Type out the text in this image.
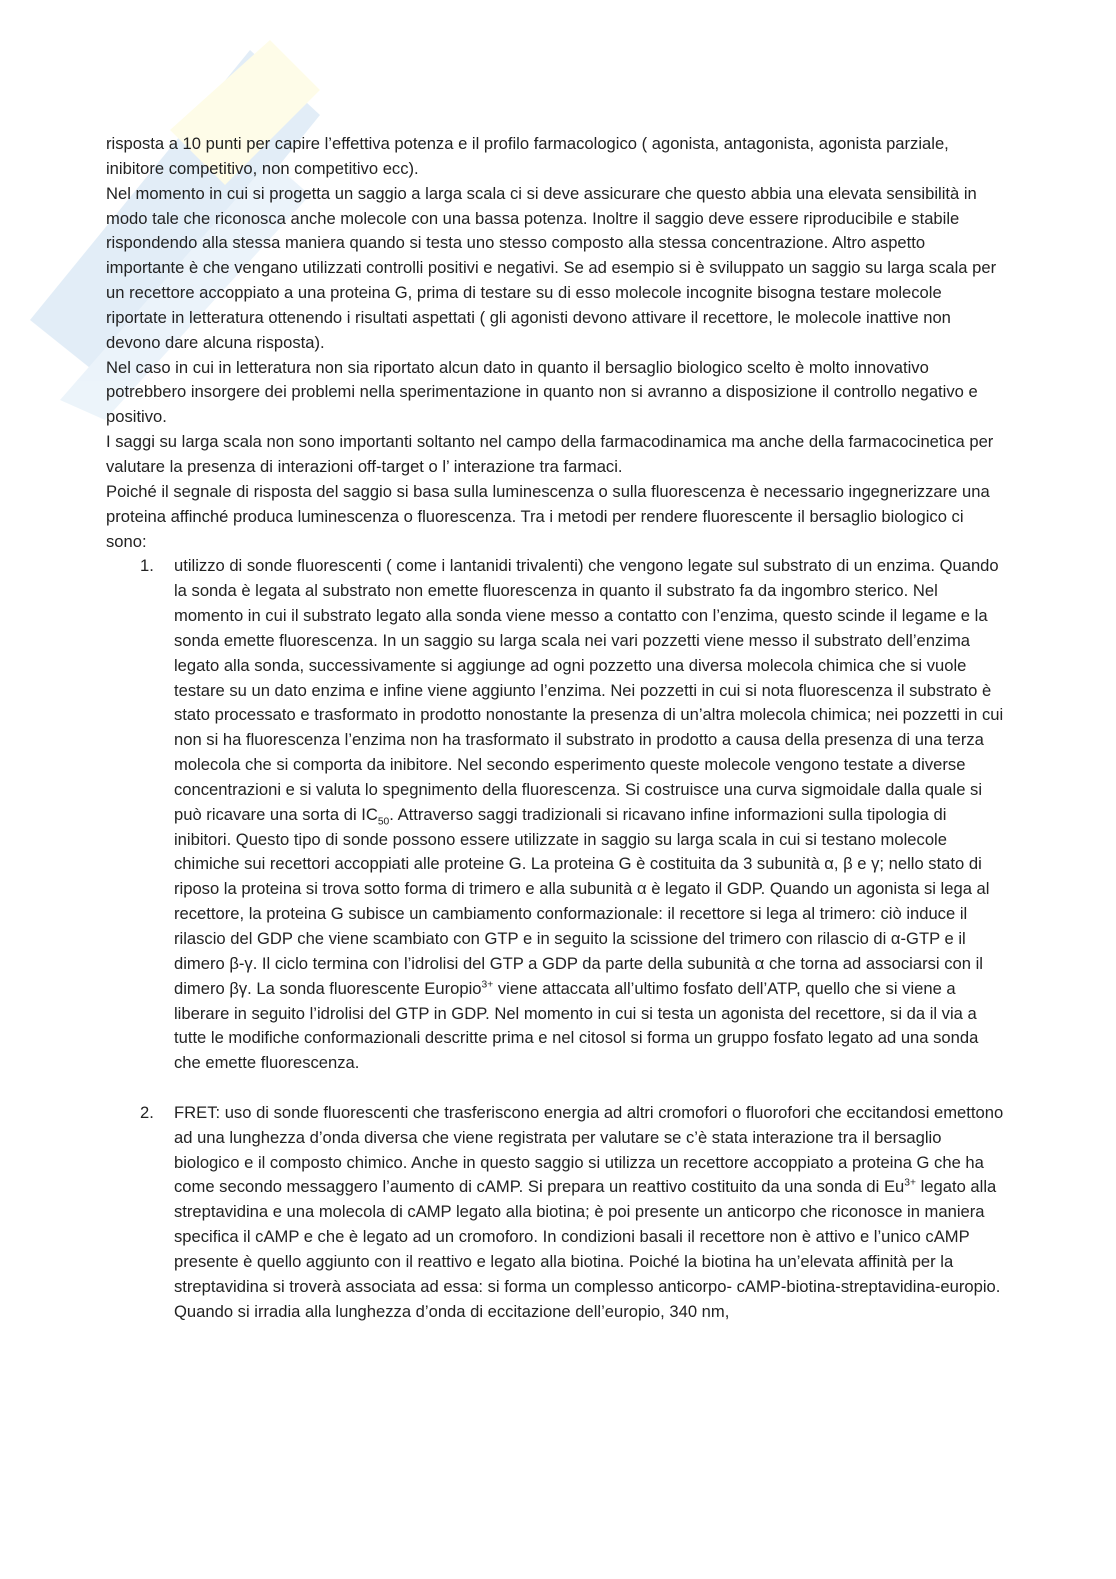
risposta a 10 punti per capire l’effettiva potenza e il profilo farmacologico ( agonista, antagonista, agonista parziale, inibitore competitivo, non competitivo ecc).

Nel momento in cui si progetta un saggio a larga scala ci si deve assicurare che questo abbia una elevata sensibilità in modo tale che riconosca anche molecole con una bassa potenza. Inoltre il saggio deve essere riproducibile e stabile rispondendo alla stessa maniera quando si testa uno stesso composto alla stessa concentrazione. Altro aspetto importante è che vengano utilizzati controlli positivi e negativi. Se ad esempio si è sviluppato un saggio su larga scala per un recettore accoppiato a una proteina G, prima di testare su di esso molecole incognite bisogna testare molecole riportate in letteratura ottenendo i risultati aspettati ( gli agonisti devono attivare il recettore, le molecole inattive non devono dare alcuna risposta).

Nel caso in cui in letteratura non sia riportato alcun dato in quanto il bersaglio biologico scelto è molto innovativo potrebbero insorgere dei problemi nella sperimentazione in quanto non si avranno a disposizione il controllo negativo e positivo.

I saggi su larga scala non sono importanti soltanto nel campo della farmacodinamica ma anche della farmacocinetica per valutare la presenza di interazioni off-target o l’ interazione tra farmaci.

Poiché il segnale di risposta del saggio si basa sulla luminescenza o sulla fluorescenza è necessario ingegnerizzare una proteina affinché produca luminescenza o fluorescenza. Tra i metodi per rendere fluorescente il bersaglio biologico ci sono:

1. utilizzo di sonde fluorescenti ( come i lantanidi trivalenti) che vengono legate sul substrato di un enzima. Quando la sonda è legata al substrato non emette fluorescenza in quanto il substrato fa da ingombro sterico. Nel momento in cui il substrato legato alla sonda viene messo a contatto con l’enzima, questo scinde il legame e la sonda emette fluorescenza. In un saggio su larga scala nei vari pozzetti viene messo il substrato dell’enzima legato alla sonda, successivamente si aggiunge ad ogni pozzetto una diversa molecola chimica che si vuole testare su un dato enzima e infine viene aggiunto l’enzima. Nei pozzetti in cui si nota fluorescenza il substrato è stato processato e trasformato in prodotto nonostante la presenza di un’altra molecola chimica; nei pozzetti in cui non si ha fluorescenza l’enzima non ha trasformato il substrato in prodotto a causa della presenza di una terza molecola che si comporta da inibitore. Nel secondo esperimento queste molecole vengono testate a diverse concentrazioni e si valuta lo spegnimento della fluorescenza. Si costruisce una curva sigmoidale dalla quale si può ricavare una sorta di $IC_{50}$. Attraverso saggi tradizionali si ricavano infine informazioni sulla tipologia di inibitori. Questo tipo di sonde possono essere utilizzate in saggio su larga scala in cui si testano molecole chimiche sui recettori accoppiati alle proteine G. La proteina G è costituita da 3 subunità α, β e γ; nello stato di riposo la proteina si trova sotto forma di trimero e alla subunità α è legato il GDP. Quando un agonista si lega al recettore, la proteina G subisce un cambiamento conformazionale: il recettore si lega al trimero: ciò induce il rilascio del GDP che viene scambiato con GTP e in seguito la scissione del trimero con rilascio di α-GTP e il dimero β-γ. Il ciclo termina con l’idrolisi del GTP a GDP da parte della subunità α che torna ad associarsi con il dimero βγ. La sonda fluorescente Europio$^{3+}$ viene attaccata all’ultimo fosfato dell’ATP, quello che si viene a liberare in seguito l’idrolisi del GTP in GDP. Nel momento in cui si testa un agonista del recettore, si da il via a tutte le modifiche conformazionali descritte prima e nel citosol si forma un gruppo fosfato legato ad una sonda che emette fluorescenza.
2. FRET: uso di sonde fluorescenti che trasferiscono energia ad altri cromofori o fluorofori che eccitandosi emettono ad una lunghezza d’onda diversa che viene registrata per valutare se c’è stata interazione tra il bersaglio biologico e il composto chimico. Anche in questo saggio si utilizza un recettore accoppiato a proteina G che ha come secondo messaggero l’aumento di cAMP. Si prepara un reattivo costituito da una sonda di $Eu^{3+}$ legato alla streptavidina e una molecola di cAMP legato alla biotina; è poi presente un anticorpo che riconosce in maniera specifica il cAMP e che è legato ad un cromoforo. In condizioni basali il recettore non è attivo e l’unico cAMP presente è quello aggiunto con il reattivo e legato alla biotina. Poiché la biotina ha un’elevata affinità per la streptavidina si troverà associata ad essa: si forma un complesso anticorpo- cAMP-biotina-streptavidina-europio. Quando si irradia alla lunghezza d’onda di eccitazione dell’europio, 340 nm,
